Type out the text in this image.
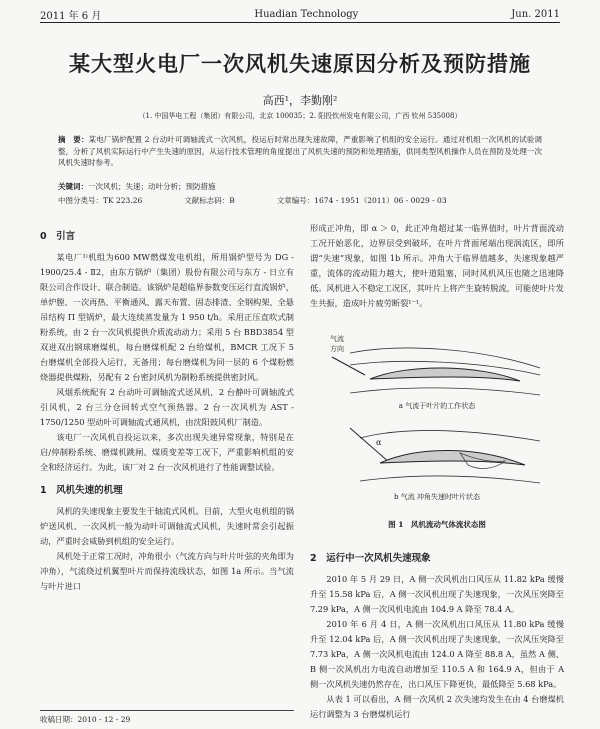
2011 年 6 月	Huadian Technology	Jun. 2011
某大型火电厂一次风机失速原因分析及预防措施
高西¹，李勤刚²
（1. 中国华电工程（集团）有限公司，北京 100035；2. 阳投钦州发电有限公司，广西 钦州 535008）
摘　要：某电厂锅炉配置 2 台动叶可调轴流式一次风机，投运后时常出现失速故障，严重影响了机组的安全运行。通过对机组一次风机的试验调整，分析了风机实际运行中产生失速的原因，从运行技术管理的角度提出了风机失速的预防和处理措施，供同类型风机操作人员在预防及处理一次风机失速时参考。
关键词：一次风机；失速；动叶分析；预防措施
中图分类号：TK 223.26	文献标志码：B	文章编号：1674 - 1951（2011）06 - 0029 - 03
0　引言

某电厂¹⁾机组为600 MW燃煤发电机组，所用锅炉型号为 DG - 1900/25.4 - Ⅱ2，由东方锅炉（集团）股份有限公司与东方 - 日立有限公司合作设计、联合制造。该锅炉是超临界参数变压运行直流锅炉，单炉膛、一次再热、平衡通风、露天布置、固态排渣、全钢构架、全悬吊结构 Π 型锅炉，最大连续蒸发量为 1 950 t/h。采用正压直吹式制粉系统，由 2 台一次风机提供介质流动动力；采用 5 台 BBD3854 型双进双出钢球磨煤机，每台磨煤机配 2 台给煤机，BMCR 工况下 5 台磨煤机全部投入运行，无备用；每台磨煤机为同一层的 6 个煤粉燃烧器提供煤粉，另配有 2 台密封风机为制粉系统提供密封风。

风烟系统配有 2 台动叶可调轴流式送风机，2 台静叶可调轴流式引风机，2 台三分仓回转式空气预热器。2 台一次风机为 AST - 1750/1250 型动叶可调轴流式通风机，由沈阳鼓风机厂制造。

该电厂一次风机自投运以来，多次出现失速异常现象，特别是在启/停制粉系统、磨煤机跳闸、煤质变差等工况下，严重影响机组的安全和经济运行。为此，该厂对 2 台一次风机进行了性能调整试验。

1　风机失速的机理

风机的失速现象主要发生于轴流式风机。目前，大型火电机组的锅炉送风机、一次风机一般为动叶可调轴流式风机，失速时常会引起振动，严重时会威胁到机组的安全运行。

风机处于正常工况时，冲角很小（气流方向与叶片叶弦的夹角即为冲角），气流绕过机翼型叶片而保持流线状态，如图 1a 所示。当气流与叶片进口

形成正冲角，即 α ＞ 0，此正冲角超过某一临界值时，叶片背面流动工况开始恶化，边界层受到破坏，在叶片背面尾端出现涡流区，即所谓“失速”现象，如图 1b 所示。冲角大于临界值越多，失速现象越严重，流体的流动阻力越大，使叶道阻塞，同时风机风压也随之迅速降低。风机进入不稳定工况区，其叶片上将产生旋转脱流，可能使叶片发生共振，造成叶片疲劳断裂¹⁻¹。

气流
方向
a 气流于叶片的工作状态
α
b 气流 冲角失速时叶片状态
图 1　风机流动气体流状态图
2　运行中一次风机失速现象

2010 年 5 月 29 日，A 侧一次风机出口风压从 11.82 kPa 缓慢升至 15.58 kPa 后，A 侧一次风机出现了失速现象，一次风压突降至 7.29 kPa，A 侧一次风机电流由 104.9 A 降至 78.4 A。

2010 年 6 月 4 日，A 侧一次风机出口风压从 11.80 kPa 缓慢升至 12.04 kPa 后，A 侧一次风机出现了失速现象，一次风压突降至 7.73 kPa，A 侧一次风机电流由 124.0 A 降至 88.8 A，虽然 A 侧、B 侧一次风机出力电流自动增加至 110.5 A 和 164.9 A，但由于 A 侧一次风机失速仍然存在，出口风压下降更快，最低降至 5.68 kPa。

从表 1 可以看出，A 侧一次风机 2 次失速均发生在由 4 台磨煤机运行调整为 3 台磨煤机运行

收稿日期：2010 - 12 - 29
